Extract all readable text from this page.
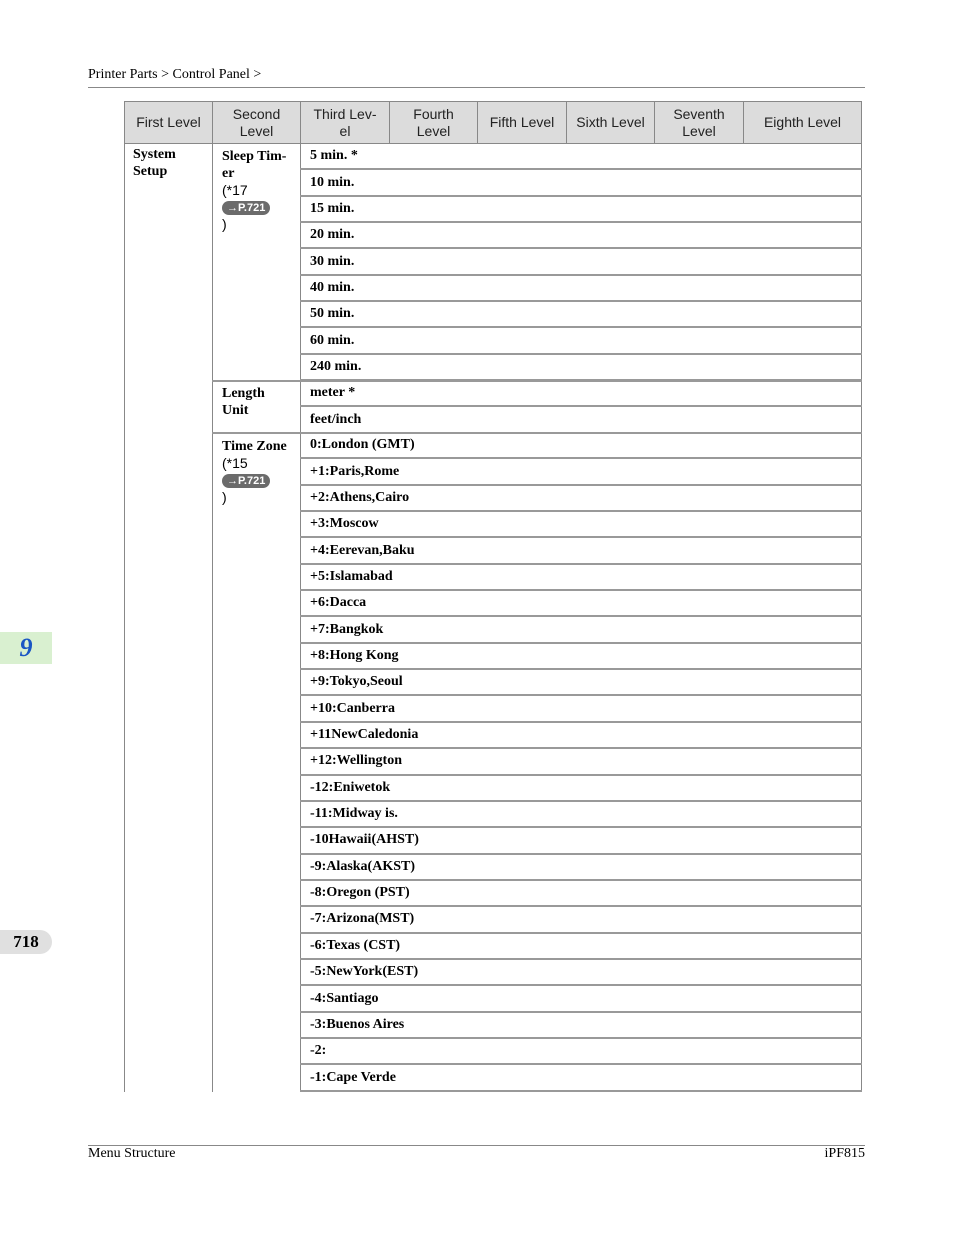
Printer Parts > Control Panel >
9
718
First Level
Second Level
Third Lev-el
Fourth Level
Fifth Level	Sixth Level
Seventh Level
Eighth Level
System Setup
Sleep Tim-
er
(*17
→P.721
)
5 min. *
10 min.
15 min.
20 min.
30 min.
40 min.
50 min.
60 min.
240 min.
Length
Unit
meter *
feet/inch
Time Zone
(*15
→P.721
)
0:London (GMT)
+1:Paris,Rome
+2:Athens,Cairo
+3:Moscow
+4:Eerevan,Baku
+5:Islamabad
+6:Dacca
+7:Bangkok
+8:Hong Kong
+9:Tokyo,Seoul
+10:Canberra
+11NewCaledonia
+12:Wellington
-12:Eniwetok
-11:Midway is.
-10Hawaii(AHST)
-9:Alaska(AKST)
-8:Oregon (PST)
-7:Arizona(MST)
-6:Texas (CST)
-5:NewYork(EST)
-4:Santiago
-3:Buenos Aires
-2:
-1:Cape Verde
Menu Structure	iPF815
